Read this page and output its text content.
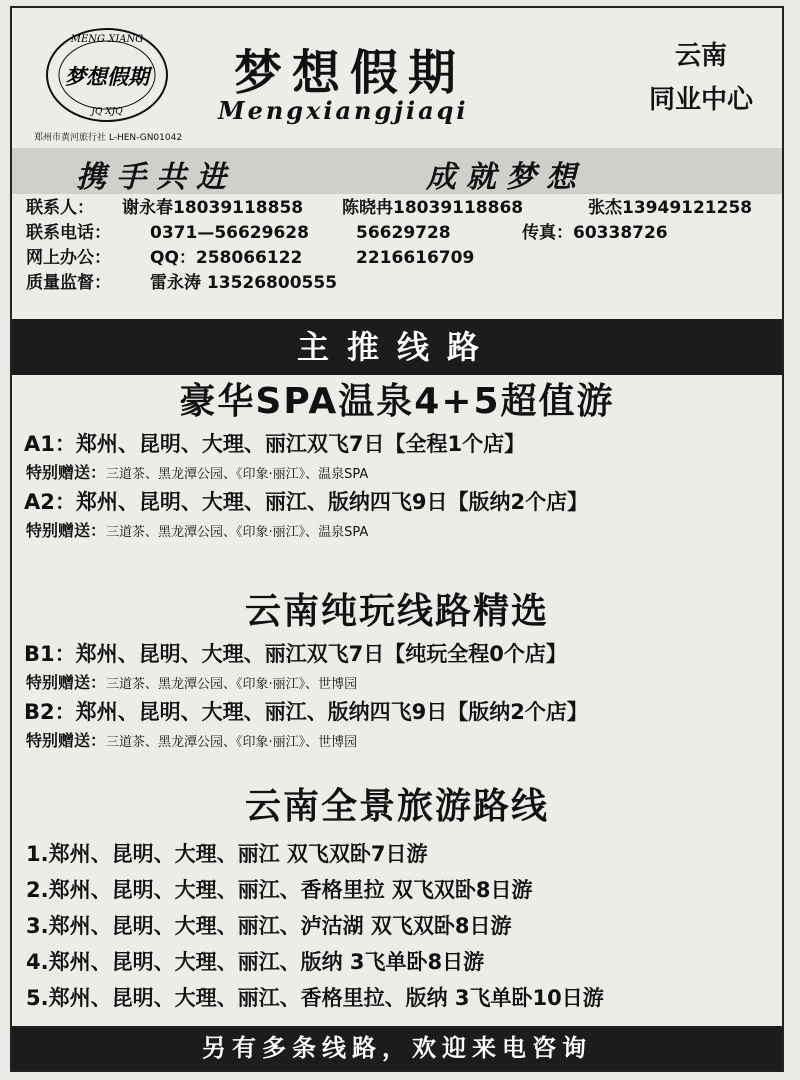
MENG XIANG
梦想假期
JQ XJQ
郑州市黄河旅行社 L-HEN-GN01042
梦想假期
Mengxiangjiaqi
云南
同业中心
携手共进	成就梦想
联系人： 谢永春18039118858 陈晓冉18039118868	张杰13949121258
联系电话： 0371—56629628	56629728	传真：60338726
网上办公： QQ：258066122	2216616709
质量监督： 雷永涛 13526800555
主推线路
豪华SPA温泉4+5超值游
A1：郑州、昆明、大理、丽江双飞7日【全程1个店】
特别赠送：三道茶、黑龙潭公园、《印象·丽江》、温泉SPA
A2：郑州、昆明、大理、丽江、版纳四飞9日【版纳2个店】
特别赠送：三道茶、黑龙潭公园、《印象·丽江》、温泉SPA
云南纯玩线路精选
B1：郑州、昆明、大理、丽江双飞7日【纯玩全程0个店】
特别赠送：三道茶、黑龙潭公园、《印象·丽江》、世博园
B2：郑州、昆明、大理、丽江、版纳四飞9日【版纳2个店】
特别赠送：三道茶、黑龙潭公园、《印象·丽江》、世博园
云南全景旅游路线
1.郑州、昆明、大理、丽江 双飞双卧7日游
2.郑州、昆明、大理、丽江、香格里拉 双飞双卧8日游
3.郑州、昆明、大理、丽江、泸沽湖 双飞双卧8日游
4.郑州、昆明、大理、丽江、版纳 3飞单卧8日游
5.郑州、昆明、大理、丽江、香格里拉、版纳 3飞单卧10日游
另有多条线路，欢迎来电咨询
